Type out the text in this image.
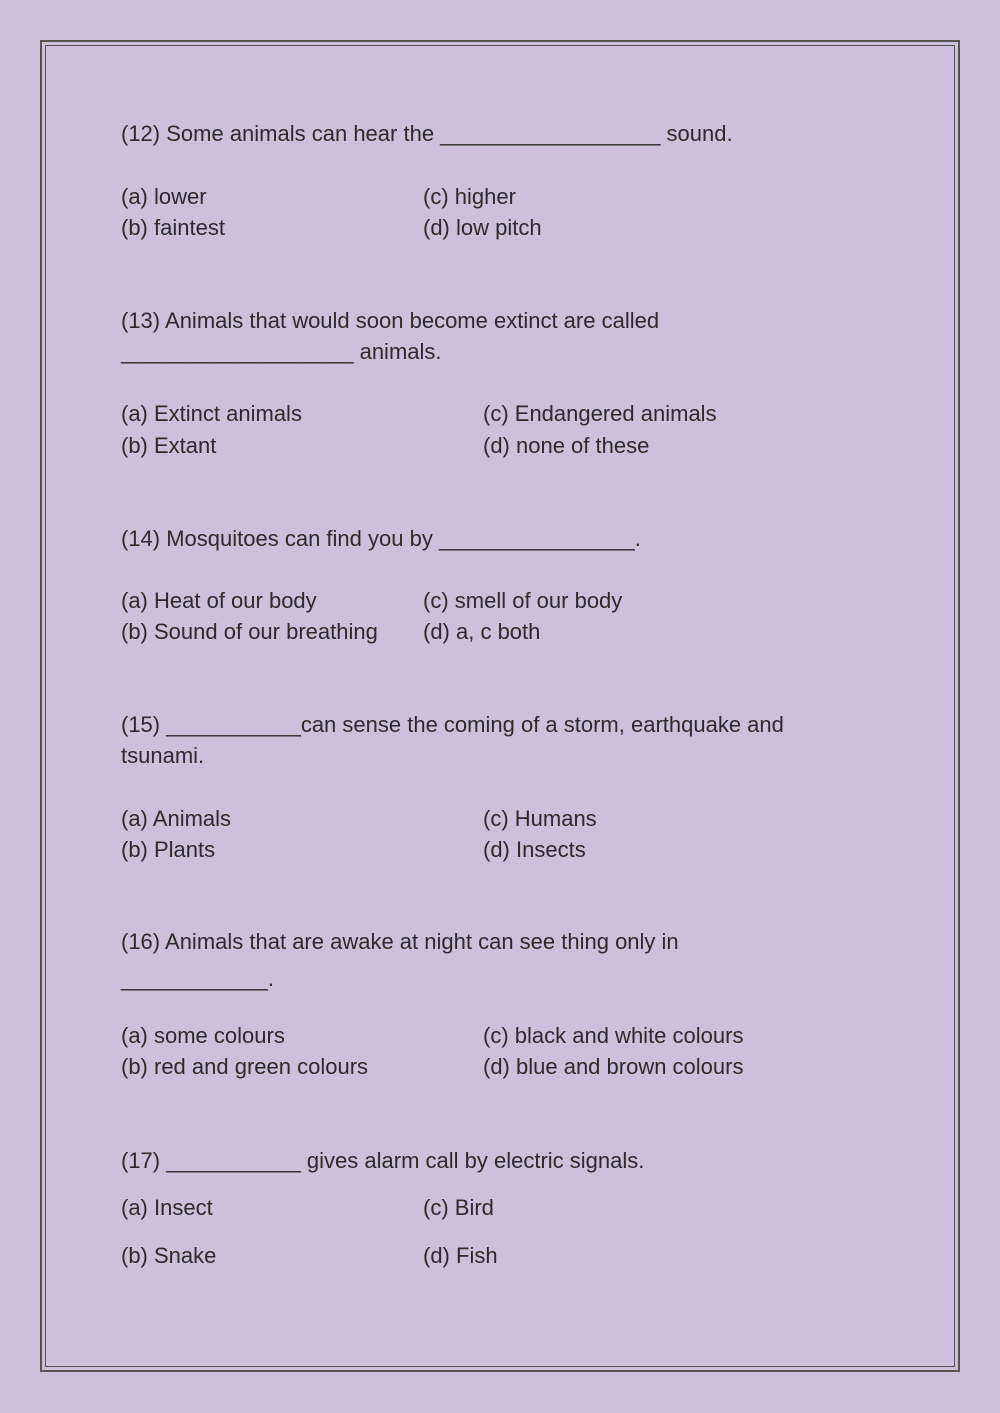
(12) Some animals can hear the __________________ sound.
(a) lower
(b) faintest
(c) higher
(d) low pitch
(13) Animals that would soon become extinct are called
___________________ animals.
(a) Extinct animals
(b) Extant
(c) Endangered animals
(d) none of these
(14) Mosquitoes can find you by ________________.
(a) Heat of our body
(b) Sound of our breathing
(c) smell of our body
(d) a, c both
(15) ___________can sense the coming of a storm, earthquake and
tsunami.
(a) Animals
(b) Plants
(c) Humans
(d) Insects
(16) Animals that are awake at night can see thing only in
____________.
(a) some colours
(b) red and green colours
(c) black and white colours
(d) blue and brown colours
(17) ___________ gives alarm call by electric signals.
(a) Insect
(b) Snake
(c) Bird
(d) Fish
